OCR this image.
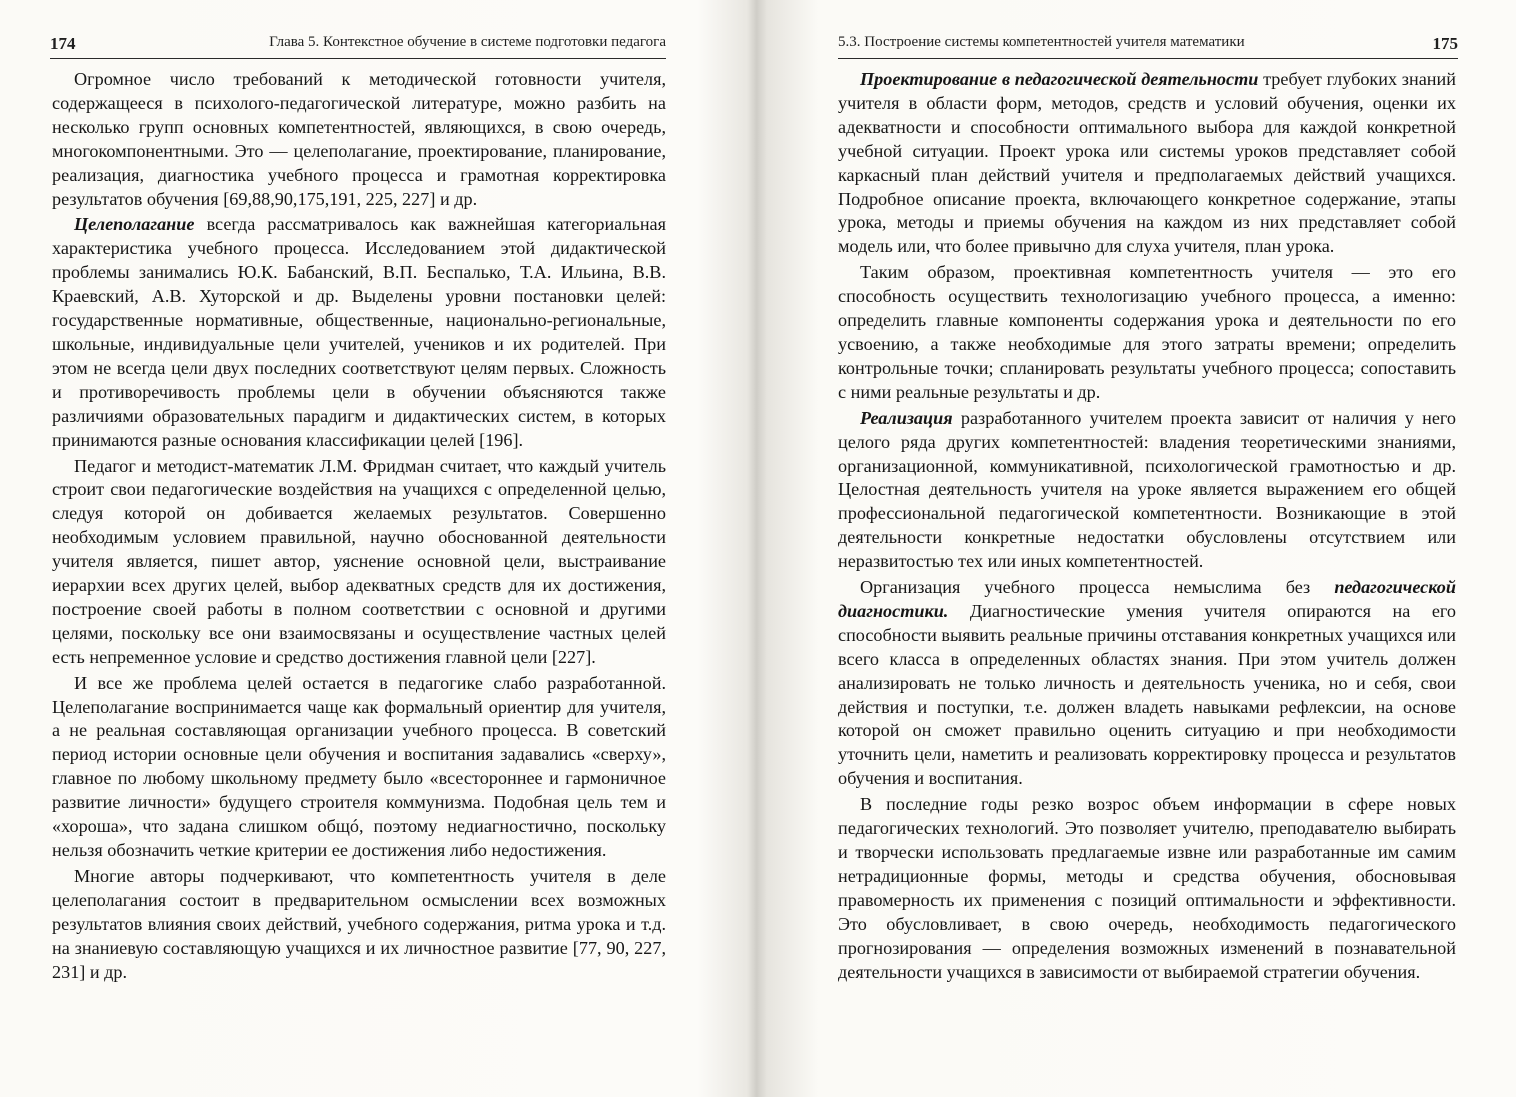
174	Глава 5. Контекстное обучение в системе подготовки педагога

Огромное число требований к методической готовности учителя, содержащееся в психолого-педагогической литературе, можно разбить на несколько групп основных компетентностей, являющихся, в свою очередь, многокомпонентными. Это — целеполагание, проектирование, планирование, реализация, диагностика учебного процесса и грамотная корректировка результатов обучения [69,88,90,175,191, 225, 227] и др.

Целеполагание всегда рассматривалось как важнейшая категориальная характеристика учебного процесса. Исследованием этой дидактической проблемы занимались Ю.К. Бабанский, В.П. Беспалько, Т.А. Ильина, В.В. Краевский, А.В. Хуторской и др. Выделены уровни постановки целей: государственные нормативные, общественные, национально-региональные, школьные, индивидуальные цели учителей, учеников и их родителей. При этом не всегда цели двух последних соответствуют целям первых. Сложность и противоречивость проблемы цели в обучении объясняются также различиями образовательных парадигм и дидактических систем, в которых принимаются разные основания классификации целей [196].

Педагог и методист-математик Л.М. Фридман считает, что каждый учитель строит свои педагогические воздействия на учащихся с определенной целью, следуя которой он добивается желаемых результатов. Совершенно необходимым условием правильной, научно обоснованной деятельности учителя является, пишет автор, уяснение основной цели, выстраивание иерархии всех других целей, выбор адекватных средств для их достижения, построение своей работы в полном соответствии с основной и другими целями, поскольку все они взаимосвязаны и осуществление частных целей есть непременное условие и средство достижения главной цели [227].

И все же проблема целей остается в педагогике слабо разработанной. Целеполагание воспринимается чаще как формальный ориентир для учителя, а не реальная составляющая организации учебного процесса. В советский период истории основные цели обучения и воспитания задавались «сверху», главное по любому школьному предмету было «всестороннее и гармоничное развитие личности» будущего строителя коммунизма. Подобная цель тем и «хороша», что задана слишком общó, поэтому недиагностично, поскольку нельзя обозначить четкие критерии ее достижения либо недостижения.

Многие авторы подчеркивают, что компетентность учителя в деле целеполагания состоит в предварительном осмыслении всех возможных результатов влияния своих действий, учебного содержания, ритма урока и т.д. на знаниевую составляющую учащихся и их личностное развитие [77, 90, 227, 231] и др.

5.3. Построение системы компетентностей учителя математики	175

Проектирование в педагогической деятельности требует глубоких знаний учителя в области форм, методов, средств и условий обучения, оценки их адекватности и способности оптимального выбора для каждой конкретной учебной ситуации. Проект урока или системы уроков представляет собой каркасный план действий учителя и предполагаемых действий учащихся. Подробное описание проекта, включающего конкретное содержание, этапы урока, методы и приемы обучения на каждом из них представляет собой модель или, что более привычно для слуха учителя, план урока.

Таким образом, проективная компетентность учителя — это его способность осуществить технологизацию учебного процесса, а именно: определить главные компоненты содержания урока и деятельности по его усвоению, а также необходимые для этого затраты времени; определить контрольные точки; спланировать результаты учебного процесса; сопоставить с ними реальные результаты и др.

Реализация разработанного учителем проекта зависит от наличия у него целого ряда других компетентностей: владения теоретическими знаниями, организационной, коммуникативной, психологической грамотностью и др. Целостная деятельность учителя на уроке является выражением его общей профессиональной педагогической компетентности. Возникающие в этой деятельности конкретные недостатки обусловлены отсутствием или неразвитостью тех или иных компетентностей.

Организация учебного процесса немыслима без педагогической диагностики. Диагностические умения учителя опираются на его способности выявить реальные причины отставания конкретных учащихся или всего класса в определенных областях знания. При этом учитель должен анализировать не только личность и деятельность ученика, но и себя, свои действия и поступки, т.е. должен владеть навыками рефлексии, на основе которой он сможет правильно оценить ситуацию и при необходимости уточнить цели, наметить и реализовать корректировку процесса и результатов обучения и воспитания.

В последние годы резко возрос объем информации в сфере новых педагогических технологий. Это позволяет учителю, преподавателю выбирать и творчески использовать предлагаемые извне или разработанные им самим нетрадиционные формы, методы и средства обучения, обосновывая правомерность их применения с позиций оптимальности и эффективности. Это обусловливает, в свою очередь, необходимость педагогического прогнозирования — определения возможных изменений в познавательной деятельности учащихся в зависимости от выбираемой стратегии обучения.
